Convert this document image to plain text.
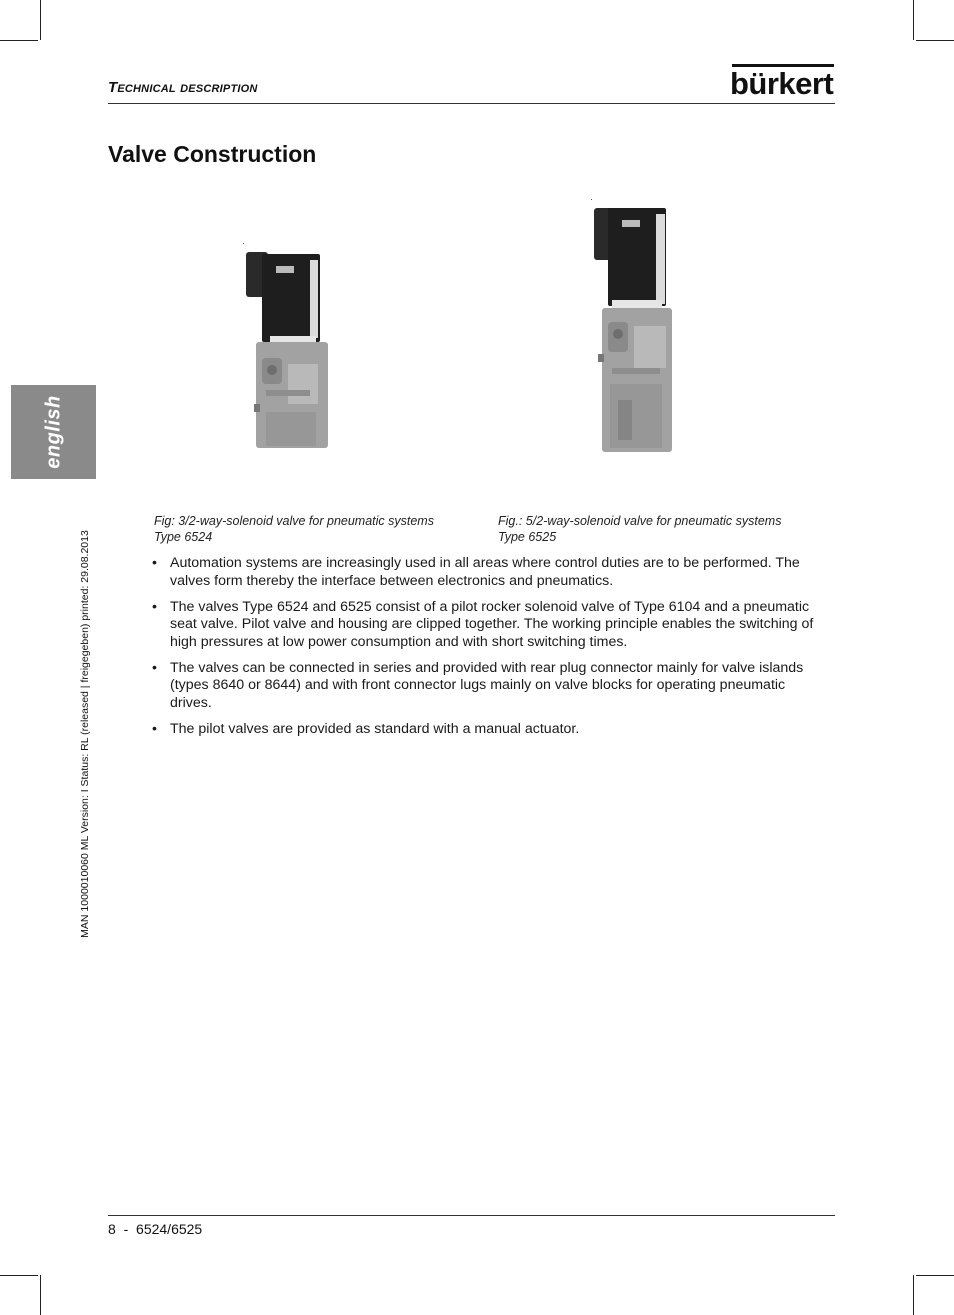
Technical description	bürkert
Valve Construction
english
MAN 1000010060 ML Version: I Status: RL (released | freigegeben) printed: 29.08.2013
Fig: 3/2-way-solenoid valve for pneumatic systems
Type 6524
Fig.: 5/2-way-solenoid valve for pneumatic systems
Type 6525
• Automation systems are increasingly used in all areas where control duties are to be performed. The valves form thereby the interface between electronics and pneumatics.
• The valves Type 6524 and 6525 consist of a pilot rocker solenoid valve of Type 6104 and a pneumatic seat valve. Pilot valve and housing are clipped together. The working principle enables the switching of high pressures at low power consumption and with short switching times.
• The valves can be connected in series and provided with rear plug connector mainly for valve islands (types 8640 or 8644) and with front connector lugs mainly on valve blocks for operating pneumatic drives.
• The pilot valves are provided as standard with a manual actuator.
8 - 6524/6525
